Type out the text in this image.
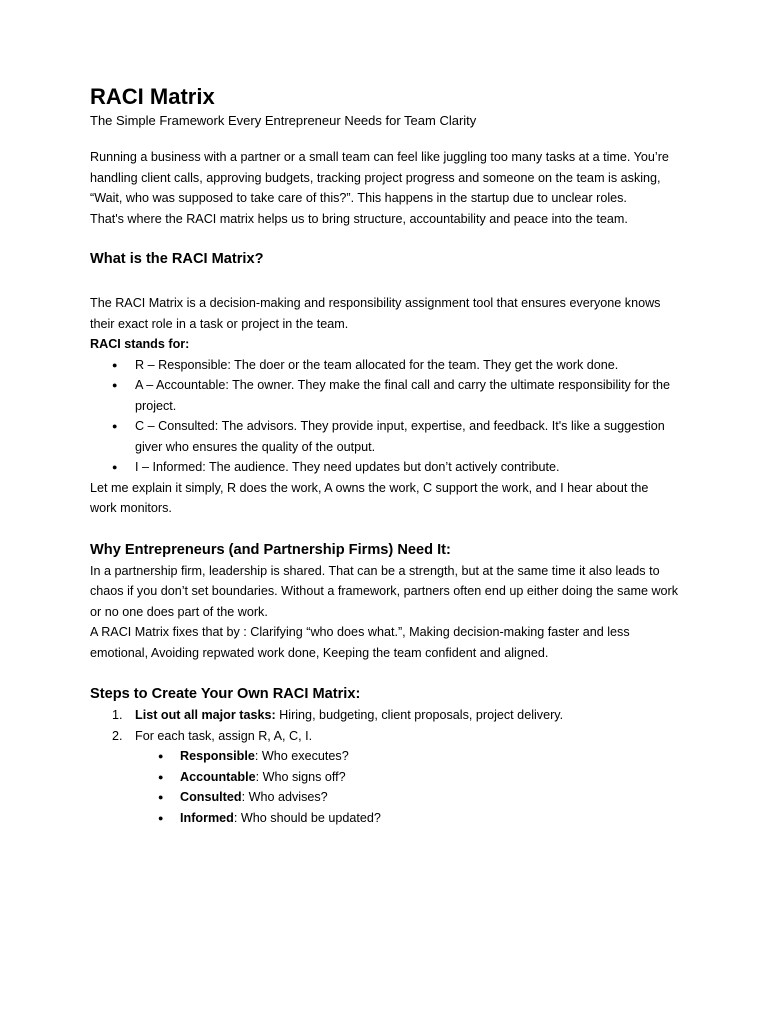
RACI Matrix

The Simple Framework Every Entrepreneur Needs for Team Clarity

Running a business with a partner or a small team can feel like juggling too many tasks at a time. You’re

handling client calls, approving budgets, tracking project progress and someone on the team is asking,

“Wait, who was supposed to take care of this?”. This happens in the startup due to unclear roles.

That's where the RACI matrix helps us to bring structure, accountability and peace into the team.

What is the RACI Matrix?

The RACI Matrix is a decision-making and responsibility assignment tool that ensures everyone knows

their exact role in a task or project in the team.

RACI stands for:

● R – Responsible: The doer or the team allocated for the team. They get the work done.
● A – Accountable: The owner. They make the final call and carry the ultimate responsibility for the
project.
● C – Consulted: The advisors. They provide input, expertise, and feedback. It's like a suggestion
giver who ensures the quality of the output.
● I – Informed: The audience. They need updates but don’t actively contribute.

Let me explain it simply, R does the work, A owns the work, C support the work, and I hear about the

work monitors.

Why Entrepreneurs (and Partnership Firms) Need It:

In a partnership firm, leadership is shared. That can be a strength, but at the same time it also leads to

chaos if you don’t set boundaries. Without a framework, partners often end up either doing the same work

or no one does part of the work.

A RACI Matrix fixes that by : Clarifying “who does what.”, Making decision-making faster and less

emotional, Avoiding repwated work done, Keeping the team confident and aligned.

Steps to Create Your Own RACI Matrix:
1. List out all major tasks: Hiring, budgeting, client proposals, project delivery.
2. For each task, assign R, A, C, I.
● Responsible: Who executes?
● Accountable: Who signs off?
● Consulted: Who advises?
● Informed: Who should be updated?
